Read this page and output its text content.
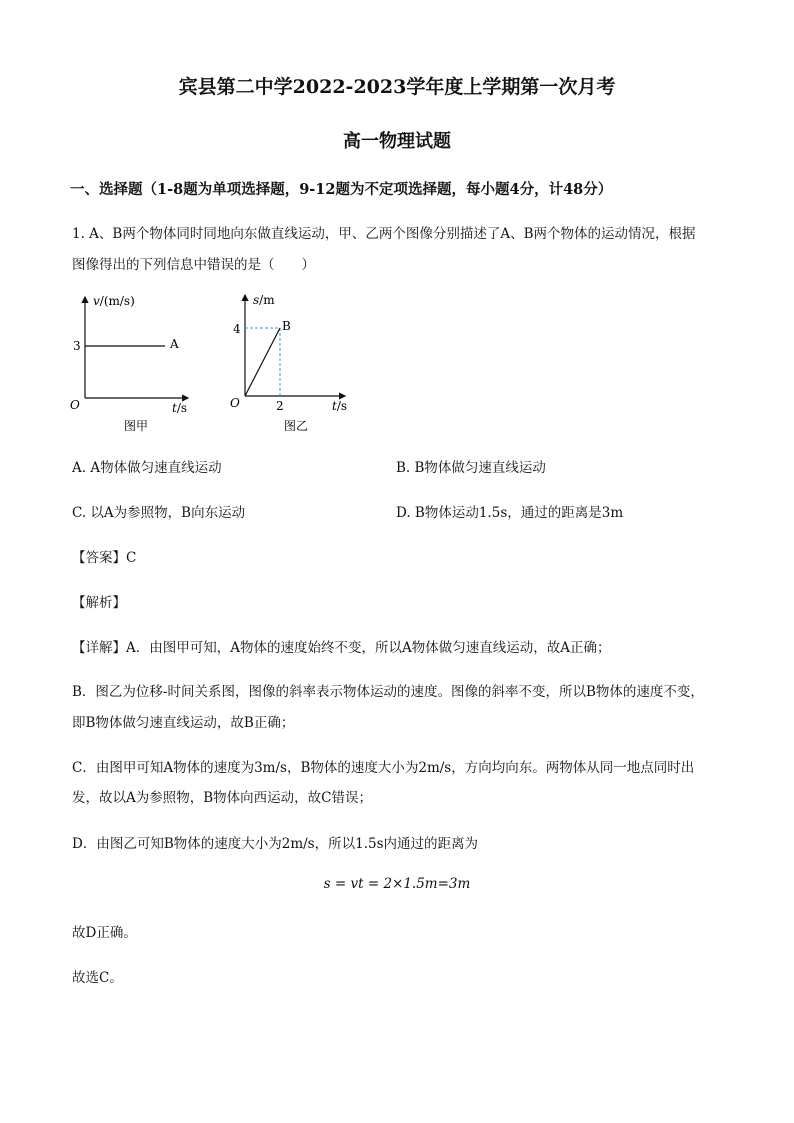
宾县第二中学2022-2023学年度上学期第一次月考
高一物理试题

一、选择题（1-8题为单项选择题，9-12题为不定项选择题，每小题4分，计48分）

1. A、B两个物体同时同地向东做直线运动，甲、乙两个图像分别描述了A、B两个物体的运动情况，根据

图像得出的下列信息中错误的是（　　）

v/(m/s)
3	A
O	t/s
图甲
s/m
4	B
O	2	t/s
图乙

A. A物体做匀速直线运动	B. B物体做匀速直线运动

C. 以A为参照物，B向东运动	D. B物体运动1.5s，通过的距离是3m

【答案】C

【解析】

【详解】A．由图甲可知，A物体的速度始终不变，所以A物体做匀速直线运动，故A正确；

B．图乙为位移-时间关系图，图像的斜率表示物体运动的速度。图像的斜率不变，所以B物体的速度不变，

即B物体做匀速直线运动，故B正确；

C．由图甲可知A物体的速度为3m/s，B物体的速度大小为2m/s，方向均向东。两物体从同一地点同时出

发，故以A为参照物，B物体向西运动，故C错误；

D．由图乙可知B物体的速度大小为2m/s，所以1.5s内通过的距离为

s = vt = 2×1.5m=3m

故D正确。

故选C。
